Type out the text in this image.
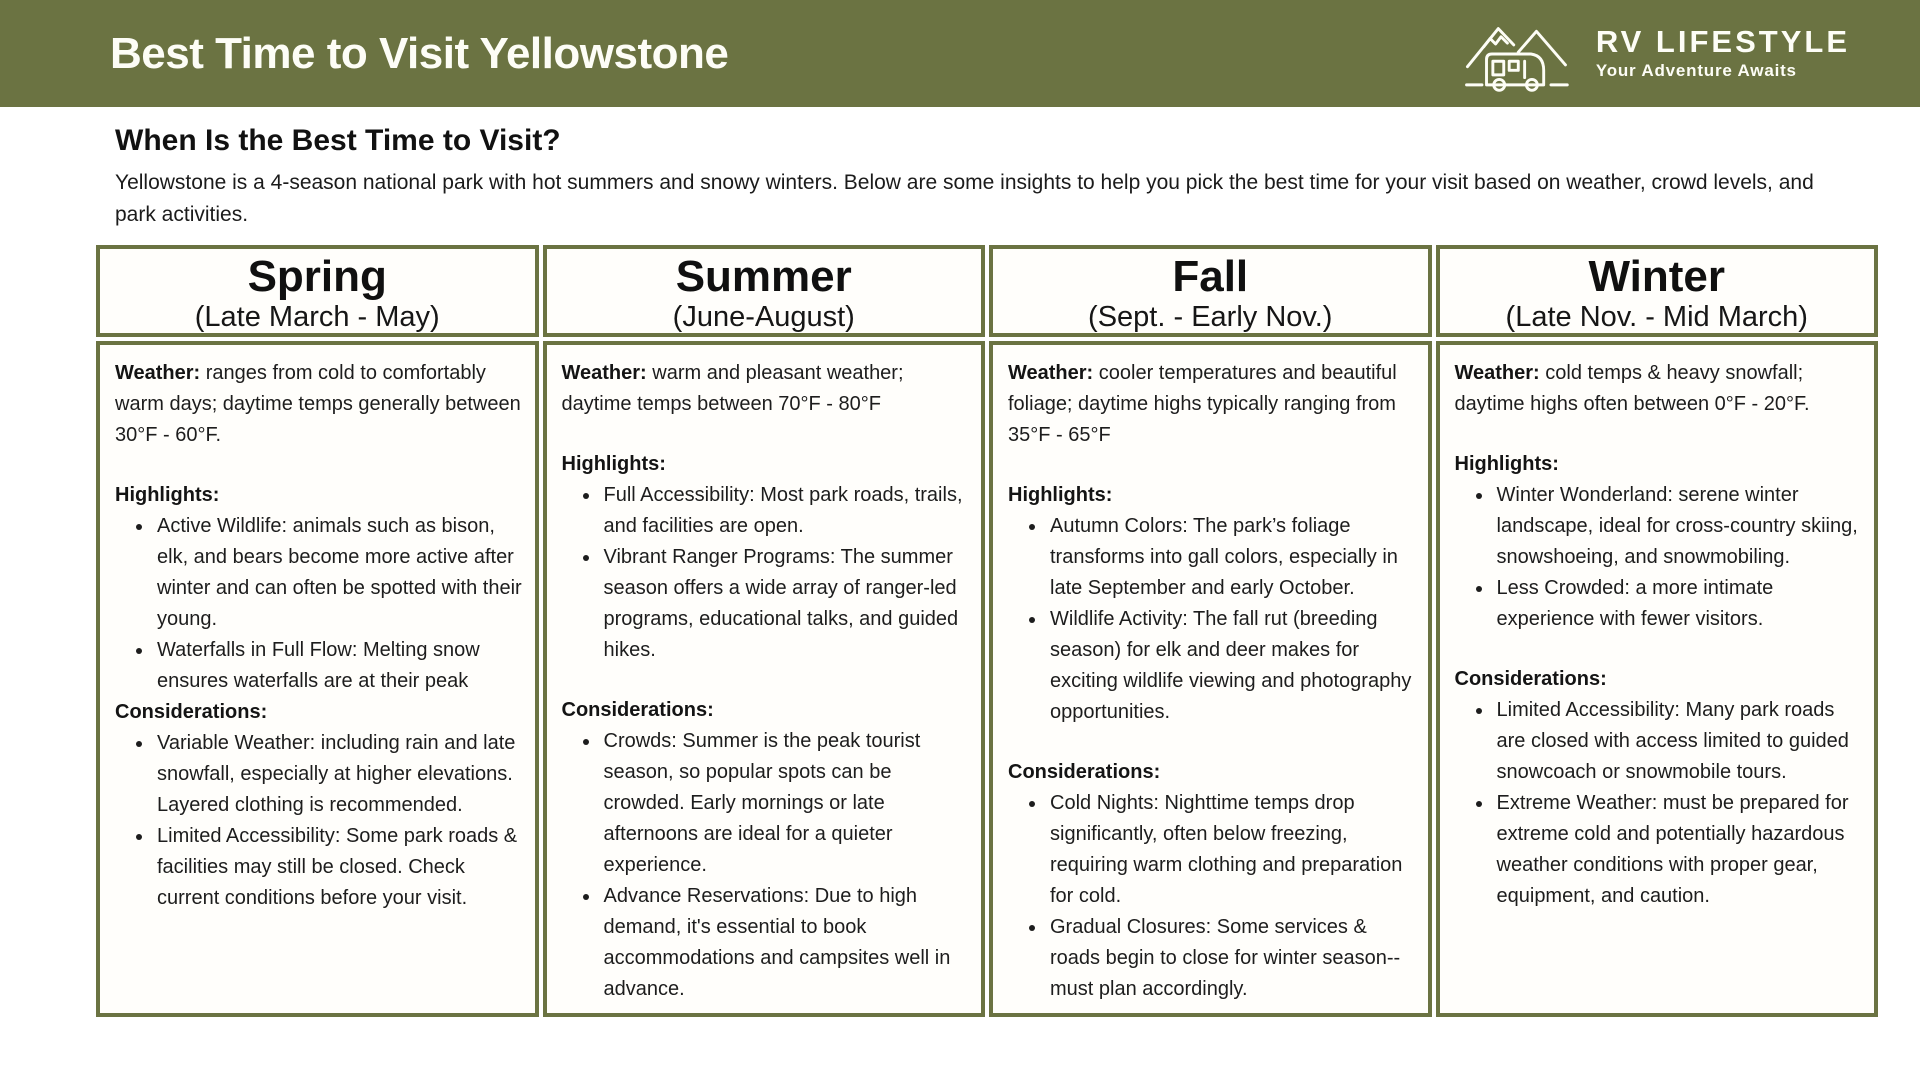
Best Time to Visit Yellowstone	RV LIFESTYLE
Your Adventure Awaits
When Is the Best Time to Visit?

Yellowstone is a 4-season national park with hot summers and snowy winters. Below are some insights to help you pick the best time for your visit based on weather, crowd levels, and park activities.

Spring
(Late March - May)
Summer
(June-August)
Fall
(Sept. - Early Nov.)
Winter
(Late Nov. - Mid March)

Weather: ranges from cold to comfortably warm days; daytime temps generally between 30°F - 60°F.

Highlights:
• Active Wildlife: animals such as bison, elk, and bears become more active after winter and can often be spotted with their young.
• Waterfalls in Full Flow: Melting snow ensures waterfalls are at their peak
Considerations:
• Variable Weather: including rain and late snowfall, especially at higher elevations. Layered clothing is recommended.
• Limited Accessibility: Some park roads & facilities may still be closed. Check current conditions before your visit.

Weather: warm and pleasant weather; daytime temps between 70°F - 80°F

Highlights:
• Full Accessibility: Most park roads, trails, and facilities are open.
• Vibrant Ranger Programs: The summer season offers a wide array of ranger-led programs, educational talks, and guided hikes.
Considerations:
• Crowds: Summer is the peak tourist season, so popular spots can be crowded. Early mornings or late afternoons are ideal for a quieter experience.
• Advance Reservations: Due to high demand, it's essential to book accommodations and campsites well in advance.

Weather: cooler temperatures and beautiful foliage; daytime highs typically ranging from 35°F - 65°F

Highlights:
• Autumn Colors: The park’s foliage transforms into gall colors, especially in late September and early October.
• Wildlife Activity: The fall rut (breeding season) for elk and deer makes for exciting wildlife viewing and photography opportunities.
Considerations:
• Cold Nights: Nighttime temps drop significantly, often below freezing, requiring warm clothing and preparation for cold.
• Gradual Closures: Some services & roads begin to close for winter season-- must plan accordingly.

Weather: cold temps & heavy snowfall; daytime highs often between 0°F - 20°F.

Highlights:
• Winter Wonderland: serene winter landscape, ideal for cross-country skiing, snowshoeing, and snowmobiling.
• Less Crowded: a more intimate experience with fewer visitors.
Considerations:
• Limited Accessibility: Many park roads are closed with access limited to guided snowcoach or snowmobile tours.
• Extreme Weather: must be prepared for extreme cold and potentially hazardous weather conditions with proper gear, equipment, and caution.
